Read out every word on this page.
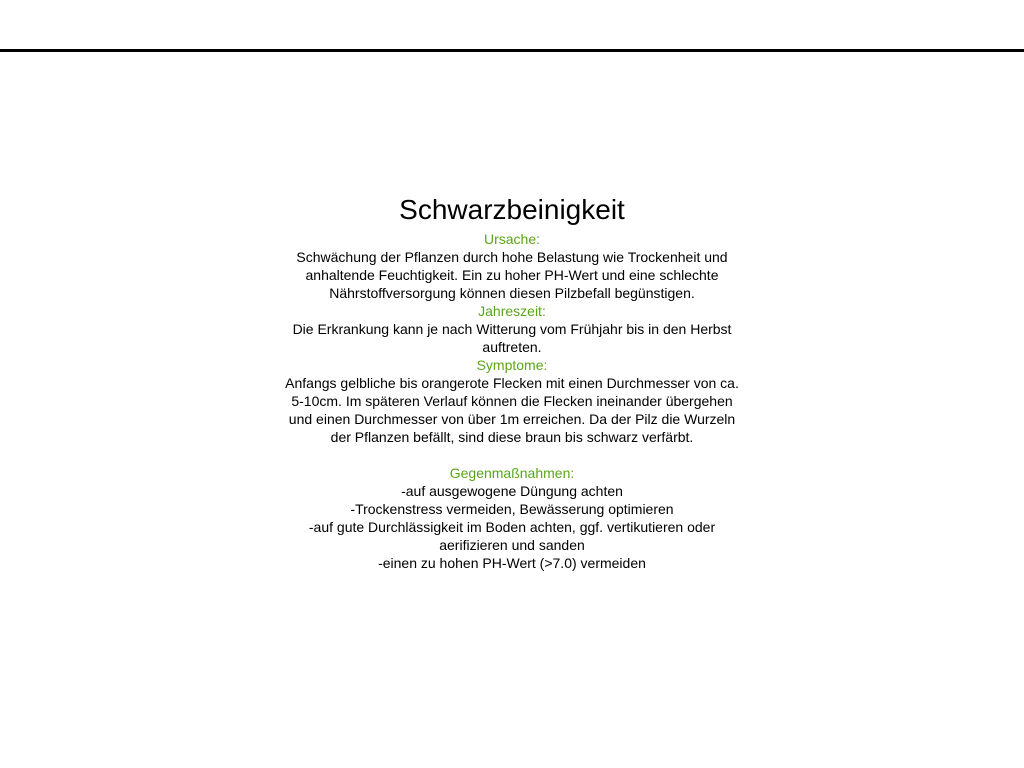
Schwarzbeinigkeit

Ursache:

Schwächung der Pflanzen durch hohe Belastung wie Trockenheit und

anhaltende Feuchtigkeit. Ein zu hoher PH-Wert und eine schlechte

Nährstoffversorgung können diesen Pilzbefall begünstigen.

Jahreszeit:

Die Erkrankung kann je nach Witterung vom Frühjahr bis in den Herbst

auftreten.

Symptome:

Anfangs gelbliche bis orangerote Flecken mit einen Durchmesser von ca.

5-10cm. Im späteren Verlauf können die Flecken ineinander übergehen

und einen Durchmesser von über 1m erreichen. Da der Pilz die Wurzeln

der Pflanzen befällt, sind diese braun bis schwarz verfärbt.

Gegenmaßnahmen:

-auf ausgewogene Düngung achten

-Trockenstress vermeiden, Bewässerung optimieren

-auf gute Durchlässigkeit im Boden achten, ggf. vertikutieren oder

aerifizieren und sanden

-einen zu hohen PH-Wert (>7.0) vermeiden
